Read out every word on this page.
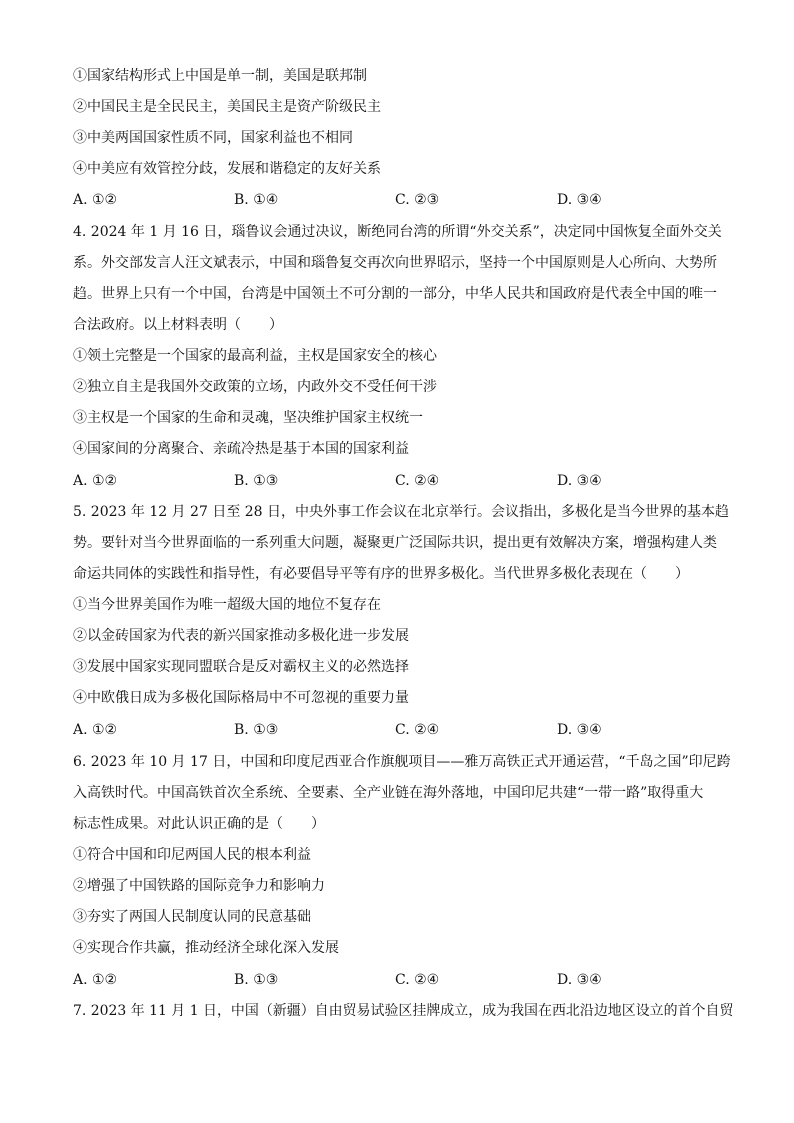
①国家结构形式上中国是单一制，美国是联邦制
②中国民主是全民民主，美国民主是资产阶级民主
③中美两国国家性质不同，国家利益也不相同
④中美应有效管控分歧，发展和谐稳定的友好关系
A. ①②	B. ①④	C. ②③	D. ③④
4. 2024 年 1 月 16 日，瑙鲁议会通过决议，断绝同台湾的所谓“外交关系”，决定同中国恢复全面外交关
系。外交部发言人汪文斌表示，中国和瑙鲁复交再次向世界昭示，坚持一个中国原则是人心所向、大势所
趋。世界上只有一个中国，台湾是中国领土不可分割的一部分，中华人民共和国政府是代表全中国的唯一
合法政府。以上材料表明（　　）
①领土完整是一个国家的最高利益，主权是国家安全的核心
②独立自主是我国外交政策的立场，内政外交不受任何干涉
③主权是一个国家的生命和灵魂，坚决维护国家主权统一
④国家间的分离聚合、亲疏冷热是基于本国的国家利益
A. ①②	B. ①③	C. ②④	D. ③④
5. 2023 年 12 月 27 日至 28 日，中央外事工作会议在北京举行。会议指出，多极化是当今世界的基本趋
势。要针对当今世界面临的一系列重大问题，凝聚更广泛国际共识，提出更有效解决方案，增强构建人类
命运共同体的实践性和指导性，有必要倡导平等有序的世界多极化。当代世界多极化表现在（　　）
①当今世界美国作为唯一超级大国的地位不复存在
②以金砖国家为代表的新兴国家推动多极化进一步发展
③发展中国家实现同盟联合是反对霸权主义的必然选择
④中欧俄日成为多极化国际格局中不可忽视的重要力量
A. ①②	B. ①③	C. ②④	D. ③④
6. 2023 年 10 月 17 日，中国和印度尼西亚合作旗舰项目——雅万高铁正式开通运营，“千岛之国”印尼跨
入高铁时代。中国高铁首次全系统、全要素、全产业链在海外落地，中国印尼共建“一带一路”取得重大
标志性成果。对此认识正确的是（　　）
①符合中国和印尼两国人民的根本利益
②增强了中国铁路的国际竞争力和影响力
③夯实了两国人民制度认同的民意基础
④实现合作共赢，推动经济全球化深入发展
A. ①②	B. ①③	C. ②④	D. ③④
7. 2023 年 11 月 1 日，中国（新疆）自由贸易试验区挂牌成立，成为我国在西北沿边地区设立的首个自贸
